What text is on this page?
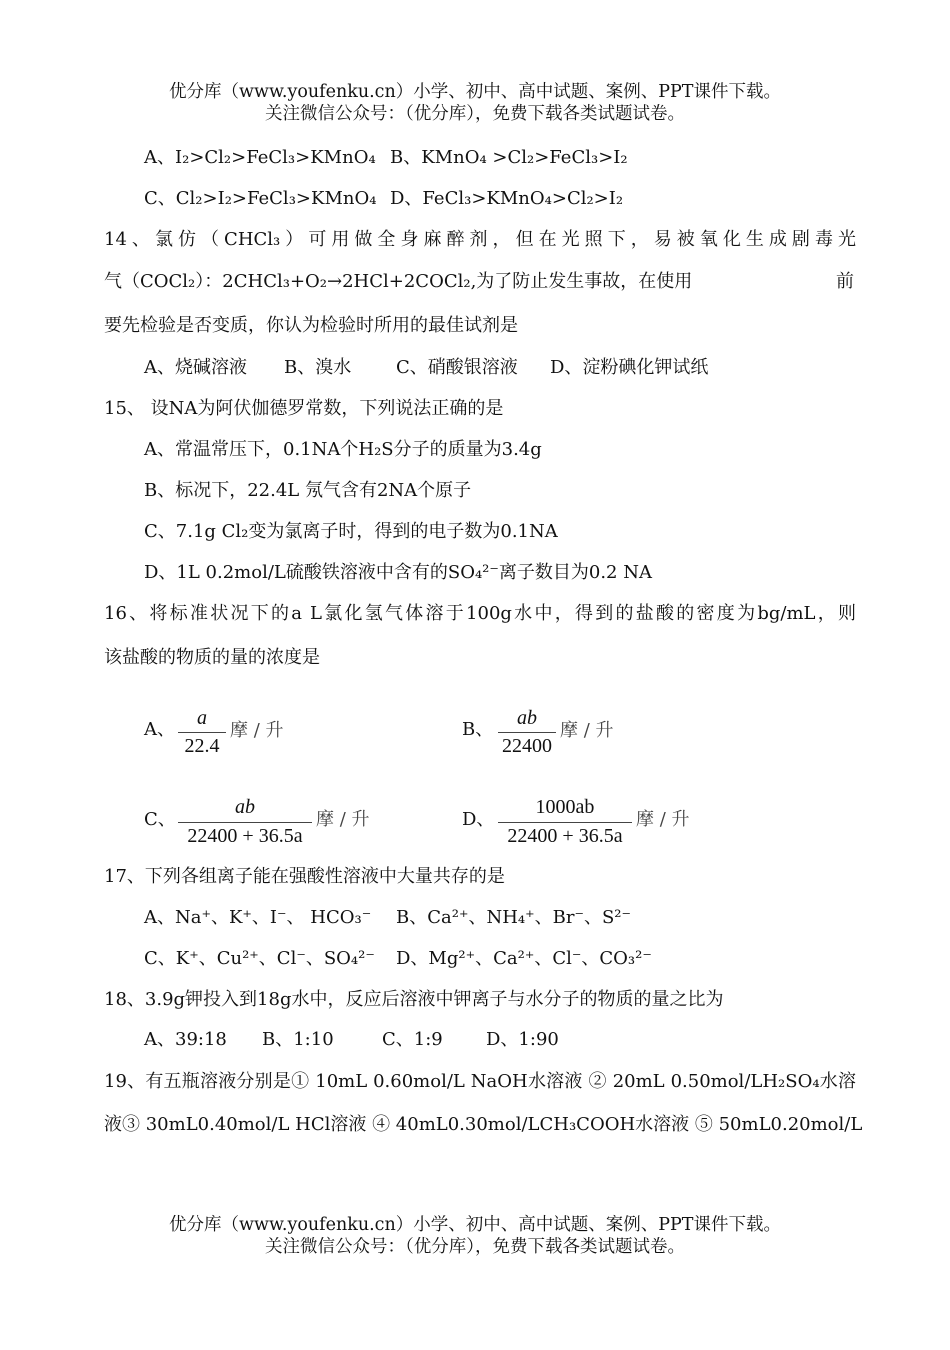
优分库（www.youfenku.cn）小学、初中、高中试题、案例、PPT课件下载。
关注微信公众号：（优分库），免费下载各类试题试卷。
A、I₂>Cl₂>FeCl₃>KMnO₄ B、KMnO₄ >Cl₂>FeCl₃>I₂
C、Cl₂>I₂>FeCl₃>KMnO₄ D、FeCl₃>KMnO₄>Cl₂>I₂
14、氯仿（CHCl₃）可用做全身麻醉剂，但在光照下，易被氧化生成剧毒光
气（COCl₂）：2CHCl₃+O₂→2HCl+2COCl₂,为了防止发生事故，在使用	前
要先检验是否变质，你认为检验时所用的最佳试剂是
A、烧碱溶液 B、溴水 C、硝酸银溶液 D、淀粉碘化钾试纸
15、 设NA为阿伏伽德罗常数，下列说法正确的是
A、常温常压下，0.1NA个H₂S分子的质量为3.4g
B、标况下，22.4L 氖气含有2NA个原子
C、7.1g Cl₂变为氯离子时，得到的电子数为0.1NA
D、1L 0.2mol/L硫酸铁溶液中含有的SO₄²⁻离子数目为0.2 NA
16、将标准状况下的a L氯化氢气体溶于100g水中，得到的盐酸的密度为bg/mL，则
该盐酸的物质的量的浓度是
A、
a
22.4
摩 / 升	B、
ab
22400
摩 / 升
C、
ab
22400 + 36.5a
摩 / 升	D、
1000ab
22400 + 36.5a
摩 / 升
17、下列各组离子能在强酸性溶液中大量共存的是
A、Na⁺、K⁺、I⁻、 HCO₃⁻ B、Ca²⁺、NH₄⁺、Br⁻、S²⁻
C、K⁺、Cu²⁺、Cl⁻、SO₄²⁻ D、Mg²⁺、Ca²⁺、Cl⁻、CO₃²⁻
18、3.9g钾投入到18g水中，反应后溶液中钾离子与水分子的物质的量之比为
A、39:18 B、1:10	C、1:9 D、1:90
19、有五瓶溶液分别是① 10mL 0.60mol/L NaOH水溶液 ② 20mL 0.50mol/LH₂SO₄水溶
液③ 30mL0.40mol/L HCl溶液 ④ 40mL0.30mol/LCH₃COOH水溶液 ⑤ 50mL0.20mol/L
优分库（www.youfenku.cn）小学、初中、高中试题、案例、PPT课件下载。
关注微信公众号：（优分库），免费下载各类试题试卷。
